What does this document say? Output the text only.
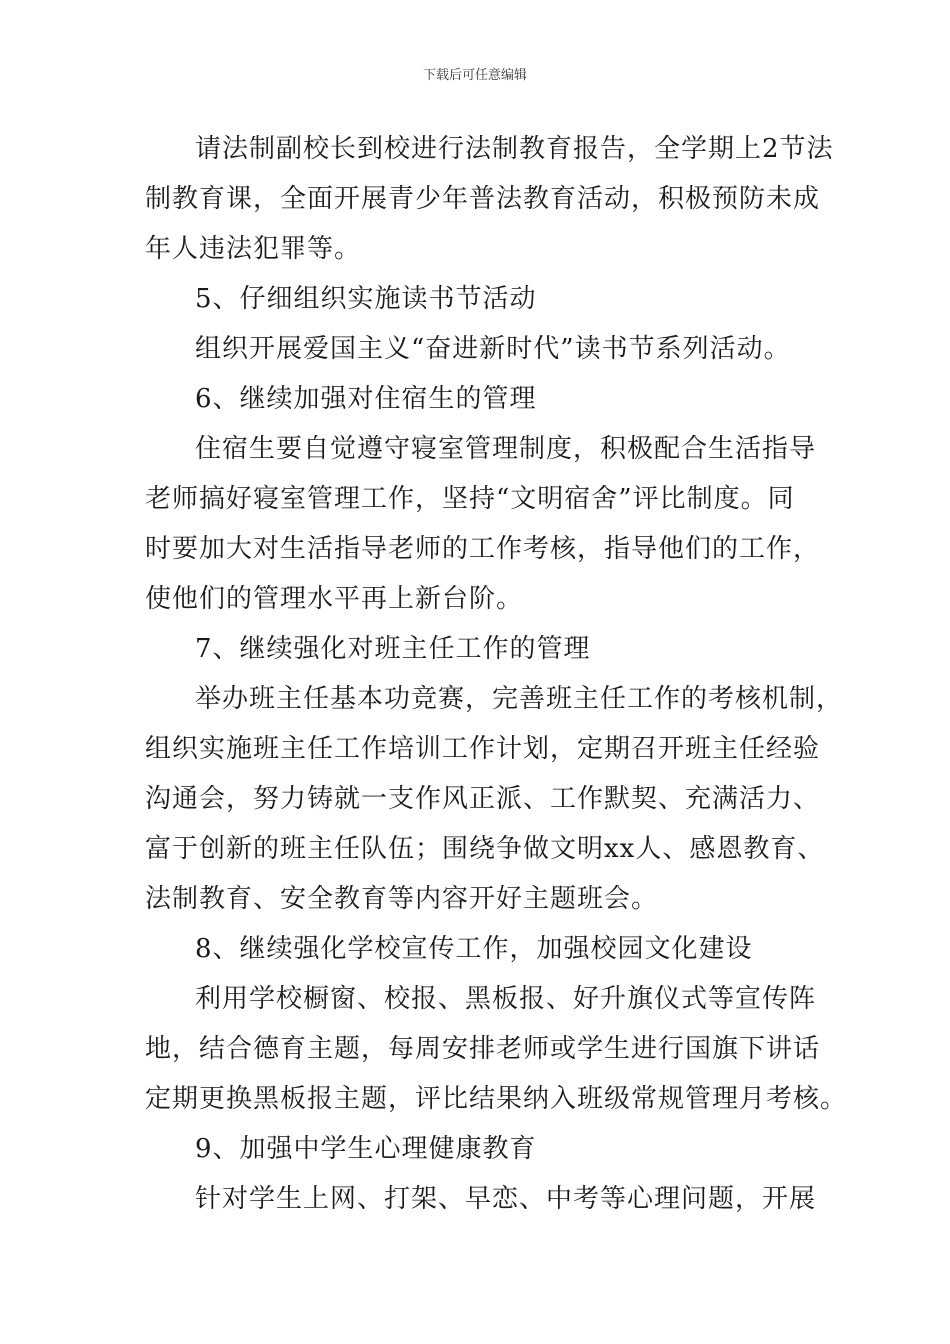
下载后可任意编辑
请法制副校长到校进行法制教育报告，全学期上2节法
制教育课，全面开展青少年普法教育活动，积极预防未成
年人违法犯罪等。
5、仔细组织实施读书节活动
组织开展爱国主义“奋进新时代”读书节系列活动。
6、继续加强对住宿生的管理
住宿生要自觉遵守寝室管理制度，积极配合生活指导
老师搞好寝室管理工作，坚持“文明宿舍”评比制度。同
时要加大对生活指导老师的工作考核，指导他们的工作，
使他们的管理水平再上新台阶。
7、继续强化对班主任工作的管理
举办班主任基本功竞赛，完善班主任工作的考核机制，
组织实施班主任工作培训工作计划，定期召开班主任经验
沟通会，努力铸就一支作风正派、工作默契、充满活力、
富于创新的班主任队伍；围绕争做文明xx人、感恩教育、
法制教育、安全教育等内容开好主题班会。
8、继续强化学校宣传工作，加强校园文化建设
利用学校橱窗、校报、黑板报、好升旗仪式等宣传阵
地，结合德育主题，每周安排老师或学生进行国旗下讲话
定期更换黑板报主题，评比结果纳入班级常规管理月考核。
9、加强中学生心理健康教育
针对学生上网、打架、早恋、中考等心理问题，开展
